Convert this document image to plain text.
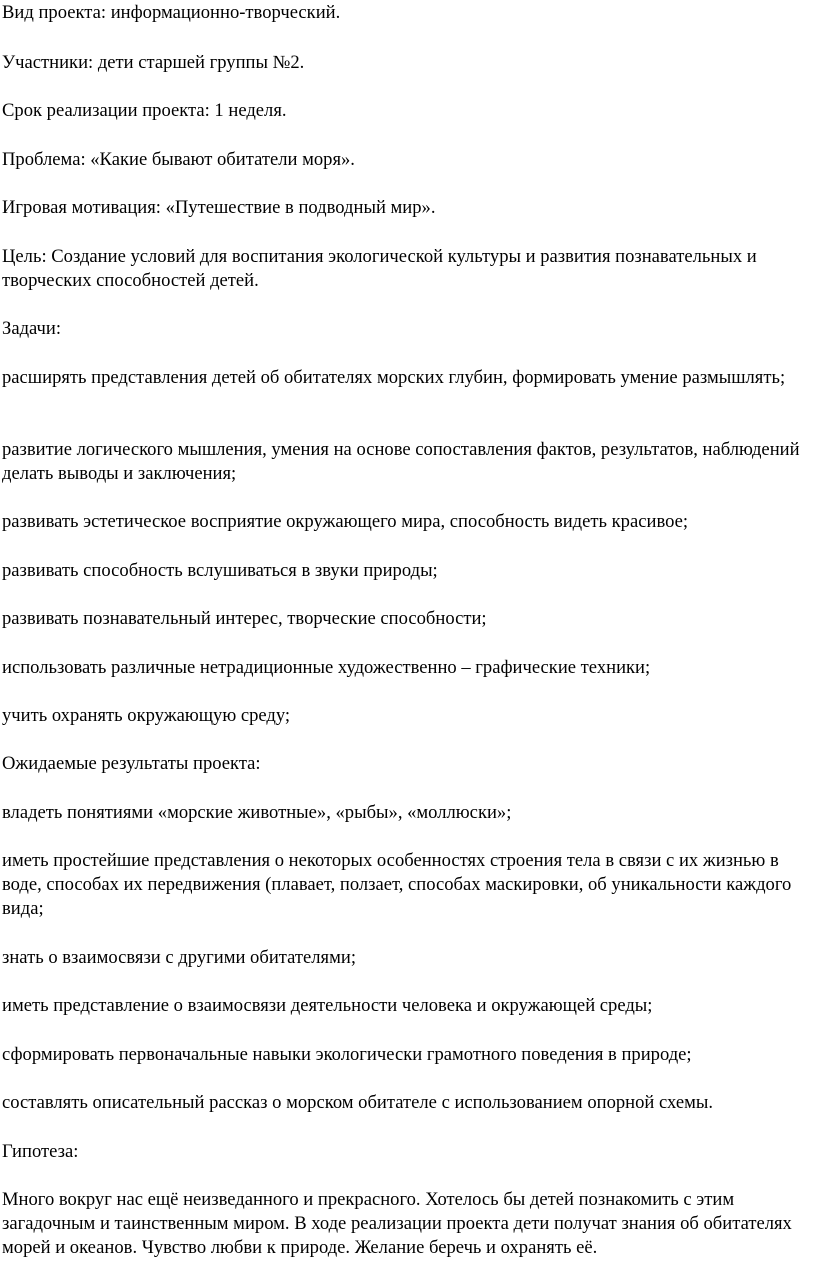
Вид проекта: информационно-творческий.

Участники: дети старшей группы №2.

Срок реализации проекта: 1 неделя.

Проблема: «Какие бывают обитатели моря».

Игровая мотивация: «Путешествие в подводный мир».

Цель: Создание условий для воспитания экологической культуры и развития познавательных и творческих способностей детей.

Задачи:

расширять представления детей об обитателях морских глубин, формировать умение размышлять;

развитие логического мышления, умения на основе сопоставления фактов, результатов, наблюдений делать выводы и заключения;

развивать эстетическое восприятие окружающего мира, способность видеть красивое;

развивать способность вслушиваться в звуки природы;

развивать познавательный интерес, творческие способности;

использовать различные нетрадиционные художественно – графические техники;

учить охранять окружающую среду;

Ожидаемые результаты проекта:

владеть понятиями «морские животные», «рыбы», «моллюски»;

иметь простейшие представления о некоторых особенностях строения тела в связи с их жизнью в воде, способах их передвижения (плавает, ползает, способах маскировки, об уникальности каждого вида;

знать о взаимосвязи с другими обитателями;

иметь представление о взаимосвязи деятельности человека и окружающей среды;

сформировать первоначальные навыки экологически грамотного поведения в природе;

составлять описательный рассказ о морском обитателе с использованием опорной схемы.

Гипотеза:

Много вокруг нас ещё неизведанного и прекрасного. Хотелось бы детей познакомить с этим загадочным и таинственным миром. В ходе реализации проекта дети получат знания об обитателях морей и океанов. Чувство любви к природе. Желание беречь и охранять её.
